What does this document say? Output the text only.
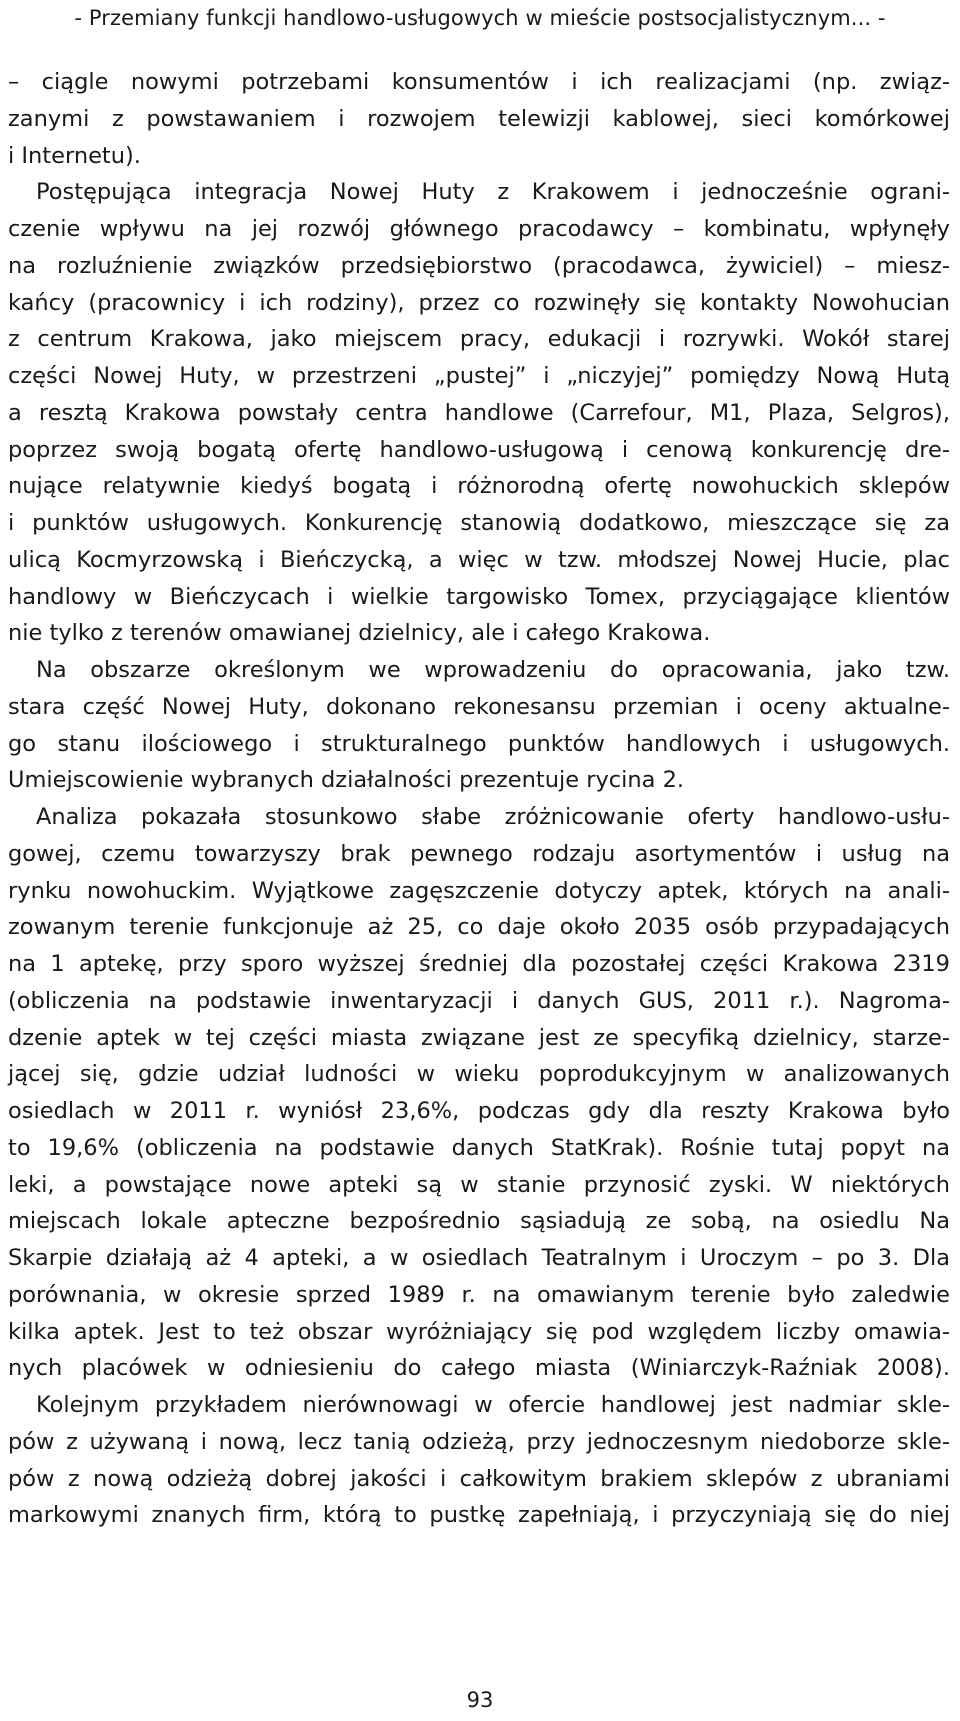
- Przemiany funkcji handlowo-usługowych w mieście postsocjalistycznym... -
– ciągle nowymi potrzebami konsumentów i ich realizacjami (np. związ-
zanymi z powstawaniem i rozwojem telewizji kablowej, sieci komórkowej
i Internetu).
Postępująca integracja Nowej Huty z Krakowem i jednocześnie ograni-
czenie wpływu na jej rozwój głównego pracodawcy – kombinatu, wpłynęły
na rozluźnienie związków przedsiębiorstwo (pracodawca, żywiciel) – miesz-
kańcy (pracownicy i ich rodziny), przez co rozwinęły się kontakty Nowohucian
z centrum Krakowa, jako miejscem pracy, edukacji i rozrywki. Wokół starej
części Nowej Huty, w przestrzeni „pustej” i „niczyjej” pomiędzy Nową Hutą
a resztą Krakowa powstały centra handlowe (Carrefour, M1, Plaza, Selgros),
poprzez swoją bogatą ofertę handlowo-usługową i cenową konkurencję dre-
nujące relatywnie kiedyś bogatą i różnorodną ofertę nowohuckich sklepów
i punktów usługowych. Konkurencję stanowią dodatkowo, mieszczące się za
ulicą Kocmyrzowską i Bieńczycką, a więc w tzw. młodszej Nowej Hucie, plac
handlowy w Bieńczycach i wielkie targowisko Tomex, przyciągające klientów
nie tylko z terenów omawianej dzielnicy, ale i całego Krakowa.
Na obszarze określonym we wprowadzeniu do opracowania, jako tzw.
stara część Nowej Huty, dokonano rekonesansu przemian i oceny aktualne-
go stanu ilościowego i strukturalnego punktów handlowych i usługowych.
Umiejscowienie wybranych działalności prezentuje rycina 2.
Analiza pokazała stosunkowo słabe zróżnicowanie oferty handlowo-usłu-
gowej, czemu towarzyszy brak pewnego rodzaju asortymentów i usług na
rynku nowohuckim. Wyjątkowe zagęszczenie dotyczy aptek, których na anali-
zowanym terenie funkcjonuje aż 25, co daje około 2035 osób przypadających
na 1 aptekę, przy sporo wyższej średniej dla pozostałej części Krakowa 2319
(obliczenia na podstawie inwentaryzacji i danych GUS, 2011 r.). Nagroma-
dzenie aptek w tej części miasta związane jest ze specyfiką dzielnicy, starze-
jącej się, gdzie udział ludności w wieku poprodukcyjnym w analizowanych
osiedlach w 2011 r. wyniósł 23,6%, podczas gdy dla reszty Krakowa było
to 19,6% (obliczenia na podstawie danych StatKrak). Rośnie tutaj popyt na
leki, a powstające nowe apteki są w stanie przynosić zyski. W niektórych
miejscach lokale apteczne bezpośrednio sąsiadują ze sobą, na osiedlu Na
Skarpie działają aż 4 apteki, a w osiedlach Teatralnym i Uroczym – po 3. Dla
porównania, w okresie sprzed 1989 r. na omawianym terenie było zaledwie
kilka aptek. Jest to też obszar wyróżniający się pod względem liczby omawia-
nych placówek w odniesieniu do całego miasta (Winiarczyk-Raźniak 2008).
Kolejnym przykładem nierównowagi w ofercie handlowej jest nadmiar skle-
pów z używaną i nową, lecz tanią odzieżą, przy jednoczesnym niedoborze skle-
pów z nową odzieżą dobrej jakości i całkowitym brakiem sklepów z ubraniami
markowymi znanych firm, którą to pustkę zapełniają, i przyczyniają się do niej
93
